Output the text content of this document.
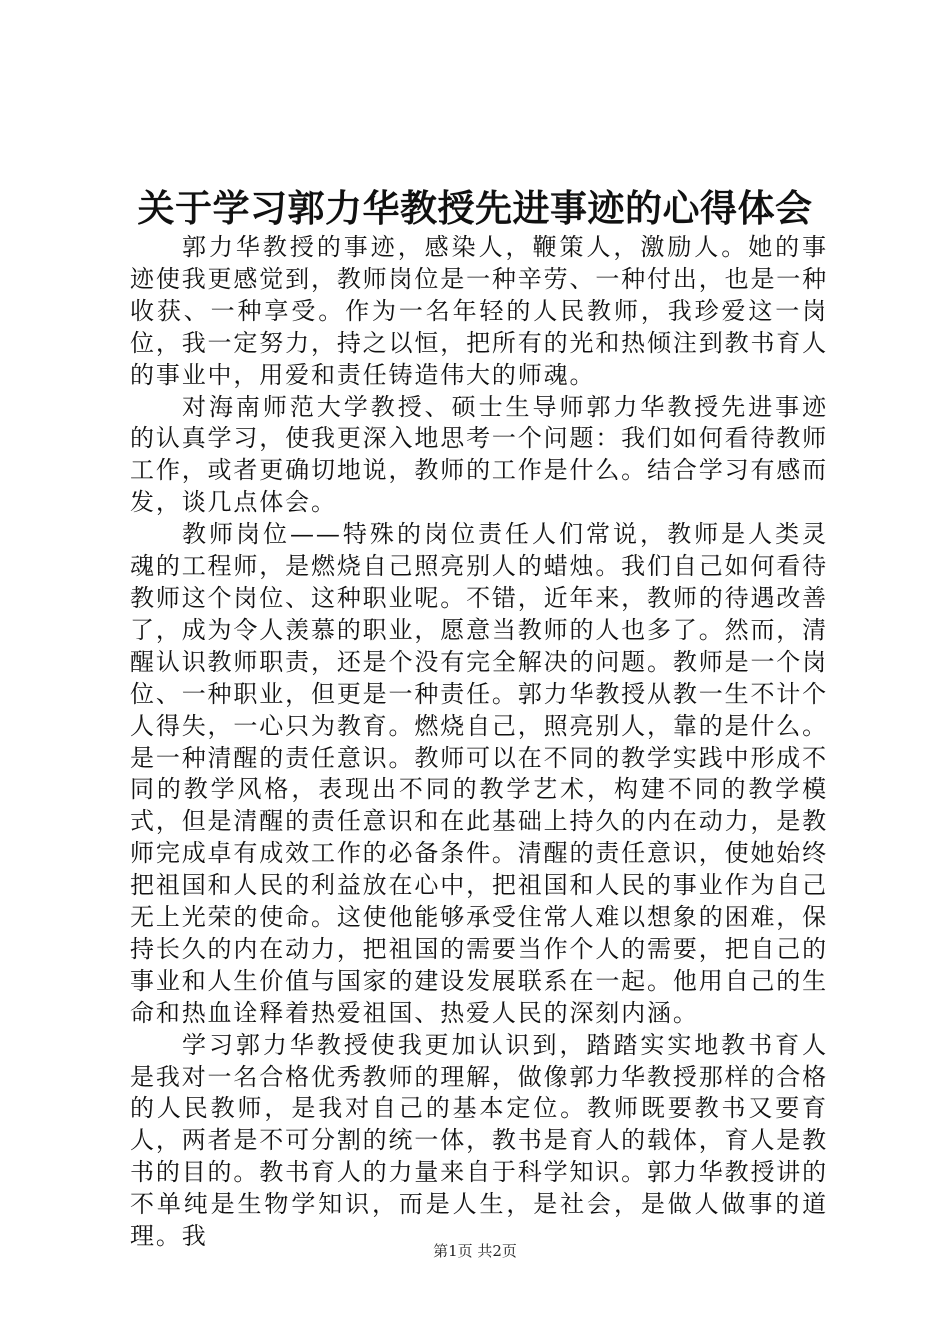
关于学习郭力华教授先进事迹的心得体会

郭力华教授的事迹，感染人，鞭策人，激励人。她的事迹使我更感觉到，教师岗位是一种辛劳、一种付出，也是一种收获、一种享受。作为一名年轻的人民教师，我珍爱这一岗位，我一定努力，持之以恒，把所有的光和热倾注到教书育人的事业中，用爱和责任铸造伟大的师魂。

对海南师范大学教授、硕士生导师郭力华教授先进事迹的认真学习，使我更深入地思考一个问题：我们如何看待教师工作，或者更确切地说，教师的工作是什么。结合学习有感而发，谈几点体会。

教师岗位——特殊的岗位责任人们常说，教师是人类灵魂的工程师，是燃烧自己照亮别人的蜡烛。我们自己如何看待教师这个岗位、这种职业呢。不错，近年来，教师的待遇改善了，成为令人羡慕的职业，愿意当教师的人也多了。然而，清醒认识教师职责，还是个没有完全解决的问题。教师是一个岗位、一种职业，但更是一种责任。郭力华教授从教一生不计个人得失，一心只为教育。燃烧自己，照亮别人，靠的是什么。是一种清醒的责任意识。教师可以在不同的教学实践中形成不同的教学风格，表现出不同的教学艺术，构建不同的教学模式，但是清醒的责任意识和在此基础上持久的内在动力，是教师完成卓有成效工作的必备条件。清醒的责任意识，使她始终把祖国和人民的利益放在心中，把祖国和人民的事业作为自己无上光荣的使命。这使他能够承受住常人难以想象的困难，保持长久的内在动力，把祖国的需要当作个人的需要，把自己的事业和人生价值与国家的建设发展联系在一起。他用自己的生命和热血诠释着热爱祖国、热爱人民的深刻内涵。

学习郭力华教授使我更加认识到，踏踏实实地教书育人是我对一名合格优秀教师的理解，做像郭力华教授那样的合格的人民教师，是我对自己的基本定位。教师既要教书又要育人，两者是不可分割的统一体，教书是育人的载体，育人是教书的目的。教书育人的力量来自于科学知识。郭力华教授讲的不单纯是生物学知识，而是人生，是社会，是做人做事的道理。我

第1页 共2页
